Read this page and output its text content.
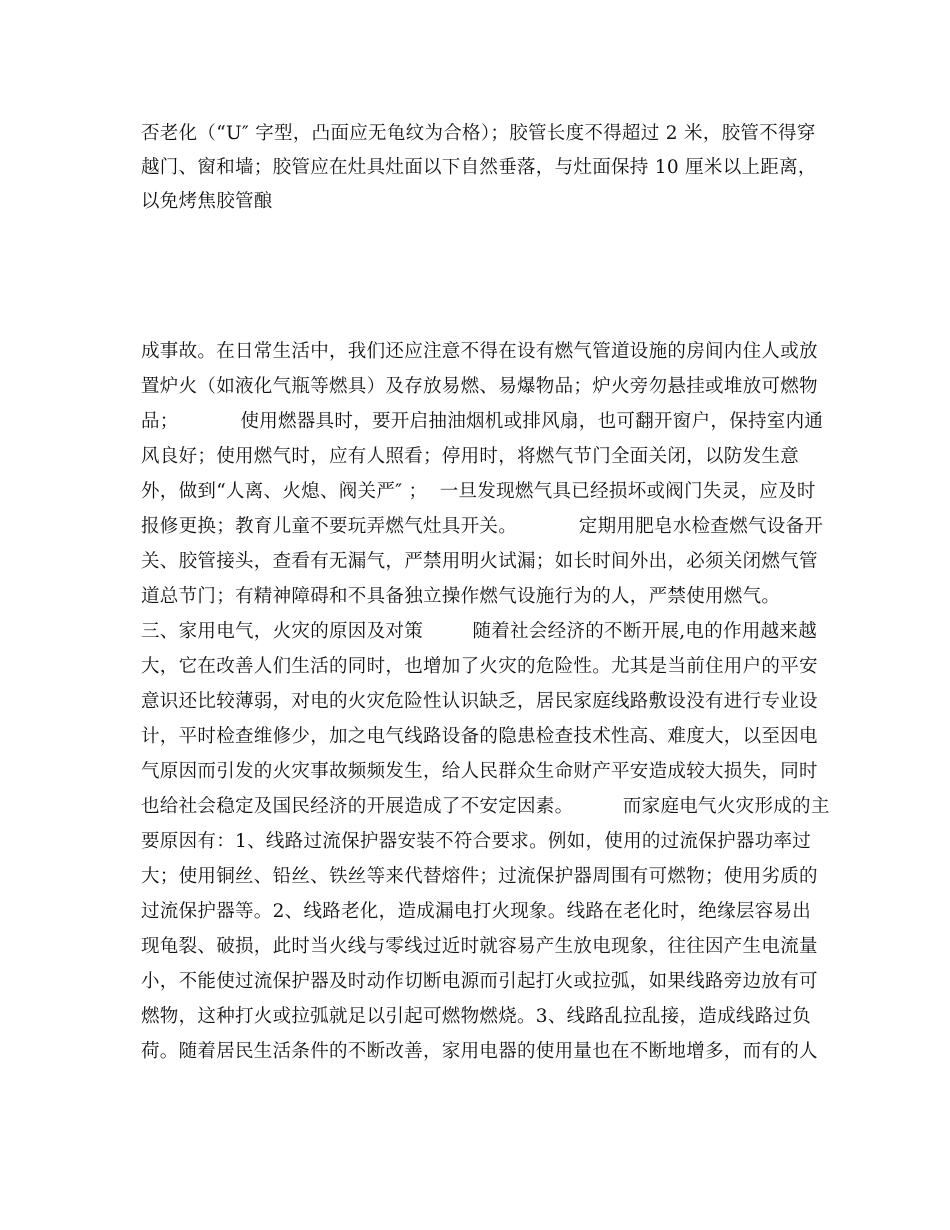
否老化（“U″ 字型，凸面应无龟纹为合格）；胶管长度不得超过 2 米，胶管不得穿
越门、窗和墙；胶管应在灶具灶面以下自然垂落，与灶面保持 10 厘米以上距离，
以免烤焦胶管酿
成事故。在日常生活中，我们还应注意不得在设有燃气管道设施的房间内住人或放
置炉火（如液化气瓶等燃具）及存放易燃、易爆物品；炉火旁勿悬挂或堆放可燃物
品；          使用燃器具时，要开启抽油烟机或排风扇，也可翻开窗户，保持室内通
风良好；使用燃气时，应有人照看；停用时，将燃气节门全面关闭，以防发生意
外，做到“人离、火熄、阀关严″ ；  一旦发现燃气具已经损坏或阀门失灵，应及时
报修更换；教育儿童不要玩弄燃气灶具开关。          定期用肥皂水检查燃气设备开
关、胶管接头，查看有无漏气，严禁用明火试漏；如长时间外出，必须关闭燃气管
道总节门；有精神障碍和不具备独立操作燃气设施行为的人，严禁使用燃气。
三、家用电气，火灾的原因及对策        随着社会经济的不断开展,电的作用越来越
大，它在改善人们生活的同时，也增加了火灾的危险性。尤其是当前住用户的平安
意识还比较薄弱，对电的火灾危险性认识缺乏，居民家庭线路敷设没有进行专业设
计，平时检查维修少，加之电气线路设备的隐患检查技术性高、难度大，以至因电
气原因而引发的火灾事故频频发生，给人民群众生命财产平安造成较大损失，同时
也给社会稳定及国民经济的开展造成了不安定因素。        而家庭电气火灾形成的主
要原因有：1、线路过流保护器安装不符合要求。例如，使用的过流保护器功率过
大；使用铜丝、铅丝、铁丝等来代替熔件；过流保护器周围有可燃物；使用劣质的
过流保护器等。2、线路老化，造成漏电打火现象。线路在老化时，绝缘层容易出
现龟裂、破损，此时当火线与零线过近时就容易产生放电现象，往往因产生电流量
小，不能使过流保护器及时动作切断电源而引起打火或拉弧，如果线路旁边放有可
燃物，这种打火或拉弧就足以引起可燃物燃烧。3、线路乱拉乱接，造成线路过负
荷。随着居民生活条件的不断改善，家用电器的使用量也在不断地增多，而有的人
